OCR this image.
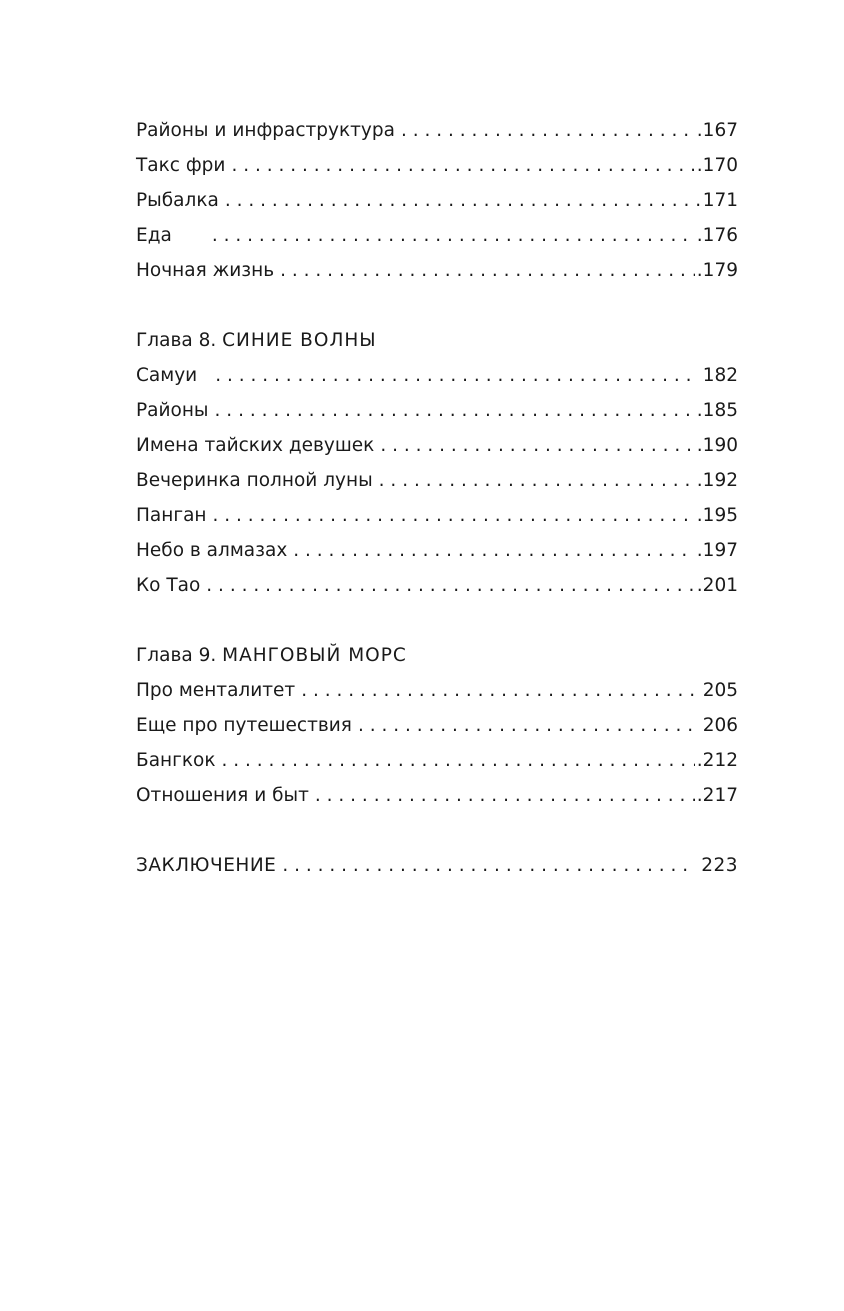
Районы и инфраструктура . . .	.167
Такс фри . . .	.170
Рыбалка . . .	171
Еда . . .	.176
Ночная жизнь . . .	.179
Глава 8. СИНИЕ ВОЛНЫ
Самуи . . .	182
Районы . . .	.185
Имена тайских девушек . . .	.190
Вечеринка полной луны . . .	.192
Панган . . .	.195
Небо в алмазах . . .	.197
Ко Тао . . .	.201
Глава 9. МАНГОВЫЙ МОРС
Про менталитет . . .	205
Еще про путешествия . . .	206
Бангкок . . .	.212
Отношения и быт . . .	.217
ЗАКЛЮЧЕНИЕ . . .	223
